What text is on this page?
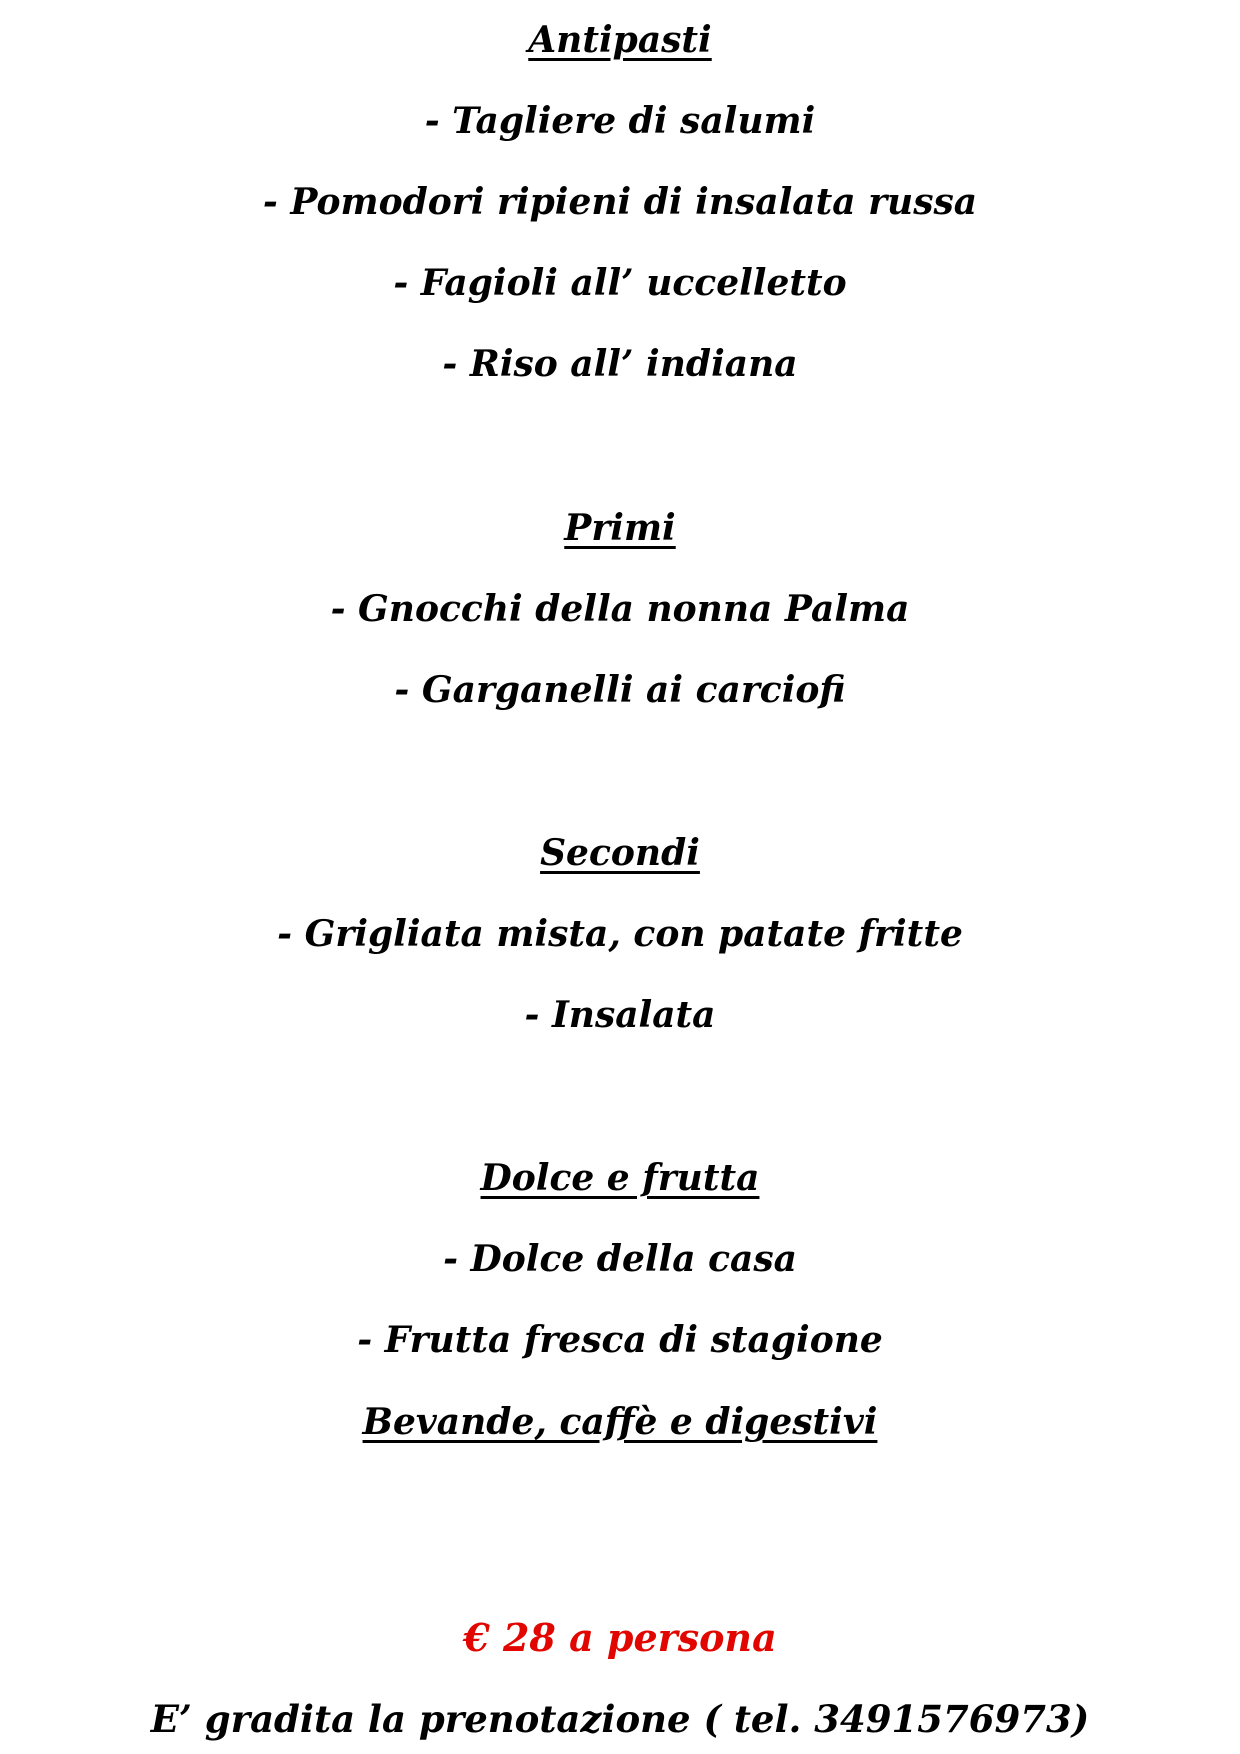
Antipasti
- Tagliere di salumi
- Pomodori ripieni di insalata russa
- Fagioli all’ uccelletto
- Riso all’ indiana
Primi
- Gnocchi della nonna Palma
- Garganelli ai carciofi
Secondi
- Grigliata mista, con patate fritte
- Insalata
Dolce e frutta
- Dolce della casa
- Frutta fresca di stagione
Bevande, caffè e digestivi
€ 28 a persona
E’ gradita la prenotazione ( tel. 3491576973)
